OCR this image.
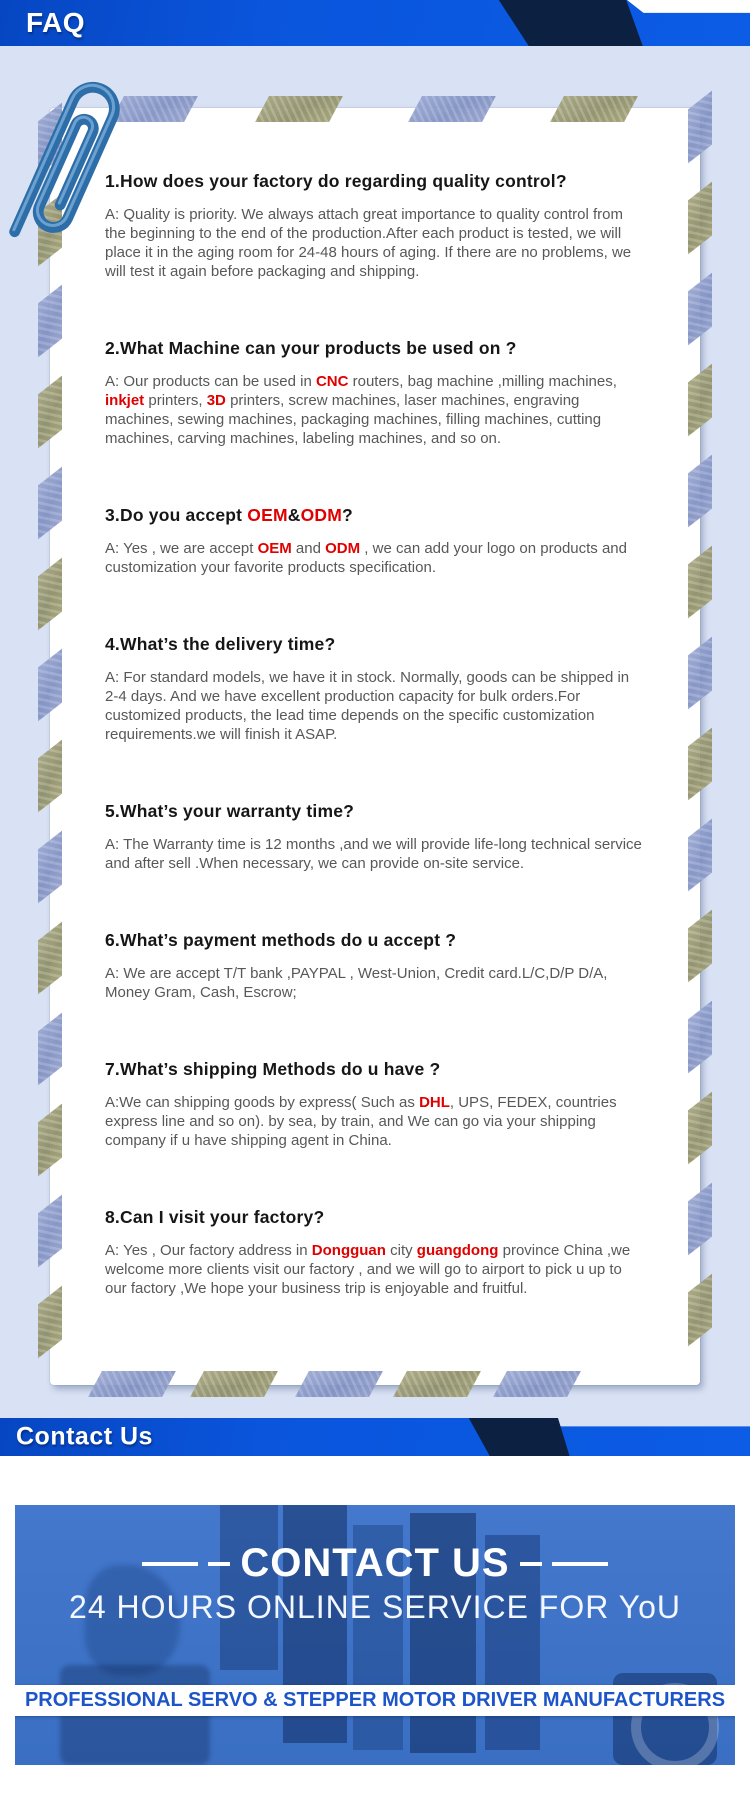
FAQ
1.How does your factory do regarding quality control?

A: Quality is priority. We always attach great importance to quality control from the beginning to the end of the production.After each product is tested, we will place it in the aging room for 24-48 hours of aging. If there are no problems, we will test it again before packaging and shipping.

2.What Machine can your products be used on ?

A: Our products can be used in CNC routers, bag machine ,milling machines, inkjet printers, 3D printers, screw machines, laser machines, engraving machines, sewing machines, packaging machines, filling machines, cutting machines, carving machines, labeling machines, and so on.

3.Do you accept OEM&ODM?

A: Yes , we are accept OEM and ODM , we can add your logo on products and customization your favorite products specification.

4.What’s the delivery time?

A: For standard models, we have it in stock. Normally, goods can be shipped in 2-4 days. And we have excellent production capacity for bulk orders.For customized products, the lead time depends on the specific customization requirements.we will finish it ASAP.

5.What’s your warranty time?

A: The Warranty time is 12 months ,and we will provide life-long technical service and after sell .When necessary, we can provide on-site service.

6.What’s payment methods do u accept ?

A: We are accept T/T bank ,PAYPAL , West-Union, Credit card.L/C,D/P D/A, Money Gram, Cash, Escrow;

7.What’s shipping Methods do u have ?

A:We can shipping goods by express( Such as DHL, UPS, FEDEX, countries express line and so on). by sea, by train, and We can go via your shipping company if u have shipping agent in China.

8.Can I visit your factory?

A: Yes , Our factory address in Dongguan city guangdong province China ,we welcome more clients visit our factory , and we will go to airport to pick u up to our factory ,We hope your business trip is enjoyable and fruitful.

Contact Us
CONTACT US
24 HOURS ONLINE SERVICE FOR YoU
PROFESSIONAL SERVO & STEPPER MOTOR DRIVER MANUFACTURERS
